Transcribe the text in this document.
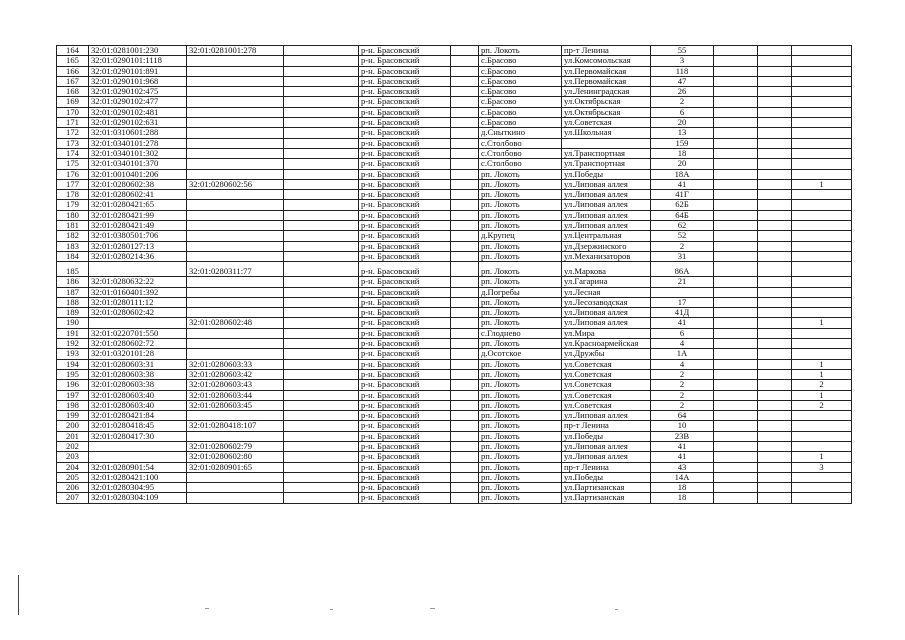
164	32:01:0281001:230	32:01:0281001:278		р-н. Брасовский		рп. Локоть	пр-т Ленина	55			
165	32:01:0290101:1118			р-н. Брасовский		с.Брасово	ул.Комсомольская	3			
166	32:01:0290101:891			р-н. Брасовский		с.Брасово	ул.Первомайская	118			
167	32:01:0290101:968			р-н. Брасовский		с.Брасово	ул.Первомайская	47			
168	32:01:0290102:475			р-н. Брасовский		с.Брасово	ул.Ленинградская	26			
169	32:01:0290102:477			р-н. Брасовский		с.Брасово	ул.Октябрьская	2			
170	32:01:0290102:481			р-н. Брасовский		с.Брасово	ул.Октябрьская	6			
171	32:01:0290102:631			р-н. Брасовский		с.Брасово	ул.Советская	20			
172	32:01:0310601:288			р-н. Брасовский		д.Сныткино	ул.Школьная	13			
173	32:01:0340101:278			р-н. Брасовский		с.Столбово		159			
174	32:01:0340101:302			р-н. Брасовский		с.Столбово	ул.Транспортная	18			
175	32:01:0340101:370			р-н. Брасовский		с.Столбово	ул.Транспортная	20			
176	32:01:0010401:206			р-н. Брасовский		рп. Локоть	ул.Победы	18А			
177	32:01:0280602:38	32:01:0280602:56		р-н. Брасовский		рп. Локоть	ул.Липовая аллея	41			1
178	32:01:0280602:41			р-н. Брасовский		рп. Локоть	ул.Липовая аллея	41Г			
179	32:01:0280421:65			р-н. Брасовский		рп. Локоть	ул.Липовая аллея	62Б			
180	32:01:0280421:99			р-н. Брасовский		рп. Локоть	ул.Липовая аллея	64Б			
181	32:01:0280421:49			р-н. Брасовский		рп. Локоть	ул.Липовая аллея	62			
182	32:01:0380501:706			р-н. Брасовский		д.Крупец	ул.Центральная	52			
183	32:01:0280127:13			р-н. Брасовский		рп. Локоть	ул.Дзержинского	2			
184	32:01:0280214:36			р-н. Брасовский		рп. Локоть	ул.Механизаторов	31			
185		32:01:0280311:77		р-н. Брасовский		рп. Локоть	ул.Маркова	86А			
186	32:01:0280632:22			р-н. Брасовский		рп. Локоть	ул.Гагарина	21			
187	32:01:0160401:392			р-н. Брасовский		д.Погребы	ул.Лесная				
188	32:01:0280111:12			р-н. Брасовский		рп. Локоть	ул.Лесозаводская	17			
189	32:01:0280602:42			р-н. Брасовский		рп. Локоть	ул.Липовая аллея	41Д			
190		32:01:0280602:48		р-н. Брасовский		рп. Локоть	ул.Липовая аллея	41			1
191	32:01:0220701:550			р-н. Брасовский		с.Глоднево	ул.Мира	6			
192	32:01:0280602:72			р-н. Брасовский		рп. Локоть	ул.Красноармейская	4			
193	32:01:0320101:28			р-н. Брасовский		д.Осотское	ул.Дружбы	1А			
194	32:01:0280603:31	32:01:0280603:33		р-н. Брасовский		рп. Локоть	ул.Советская	4			1
195	32:01:0280603:38	32:01:0280603:42		р-н. Брасовский		рп. Локоть	ул.Советская	2			1
196	32:01:0280603:38	32:01:0280603:43		р-н. Брасовский		рп. Локоть	ул.Советская	2			2
197	32:01:0280603:40	32:01:0280603:44		р-н. Брасовский		рп. Локоть	ул.Советская	2			1
198	32:01:0280603:40	32:01:0280603:45		р-н. Брасовский		рп. Локоть	ул.Советская	2			2
199	32:01:0280421:84			р-н. Брасовский		рп. Локоть	ул.Липовая аллея	64			
200	32:01:0280418:45	32:01:0280418:107		р-н. Брасовский		рп. Локоть	пр-т Ленина	10			
201	32:01:0280417:30			р-н. Брасовский		рп. Локоть	ул.Победы	23В			
202		32:01:0280602:79		р-н. Брасовский		рп. Локоть	ул.Липовая аллея	41			
203		32:01:0280602:80		р-н. Брасовский		рп. Локоть	ул.Липовая аллея	41			1
204	32:01:0280901:54	32:01:0280901:65		р-н. Брасовский		рп. Локоть	пр-т Ленина	43			3
205	32:01:0280421:100			р-н. Брасовский		рп. Локоть	ул.Победы	14А			
206	32:01:0280304:95			р-н. Брасовский		рп. Локоть	ул.Партизанская	18			
207	32:01:0280304:109			р-н. Брасовский		рп. Локоть	ул.Партизанская	18			
